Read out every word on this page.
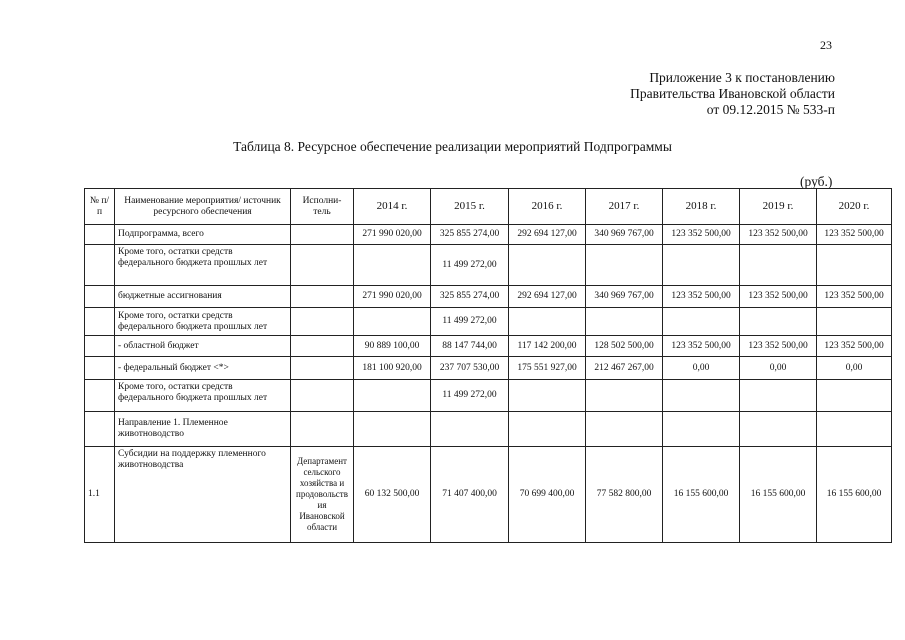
23
Приложение 3 к постановлению
Правительства Ивановской области
от 09.12.2015 № 533-п
Таблица 8. Ресурсное обеспечение реализации мероприятий Подпрограммы
(руб.)
№ п/п	Наименование мероприятия/ источник ресурсного обеспечения	Исполни- тель	2014 г.	2015 г.	2016 г.	2017 г.	2018 г.	2019 г.	2020 г.
	Подпрограмма, всего		271 990 020,00	325 855 274,00	292 694 127,00	340 969 767,00	123 352 500,00	123 352 500,00	123 352 500,00
	Кроме того, остатки средств федерального бюджета прошлых лет			11 499 272,00					
	бюджетные ассигнования		271 990 020,00	325 855 274,00	292 694 127,00	340 969 767,00	123 352 500,00	123 352 500,00	123 352 500,00
	Кроме того, остатки средств федерального бюджета прошлых лет			11 499 272,00					
	- областной бюджет		90 889 100,00	88 147 744,00	117 142 200,00	128 502 500,00	123 352 500,00	123 352 500,00	123 352 500,00
	- федеральный бюджет <*>		181 100 920,00	237 707 530,00	175 551 927,00	212 467 267,00	0,00	0,00	0,00
	Кроме того, остатки средств федерального бюджета прошлых лет			11 499 272,00					
	Направление 1. Племенное животноводство								
1.1	Субсидии на поддержку племенного животноводства	Департамент сельского хозяйства и продовольств ия Ивановской области	60 132 500,00	71 407 400,00	70 699 400,00	77 582 800,00	16 155 600,00	16 155 600,00	16 155 600,00
